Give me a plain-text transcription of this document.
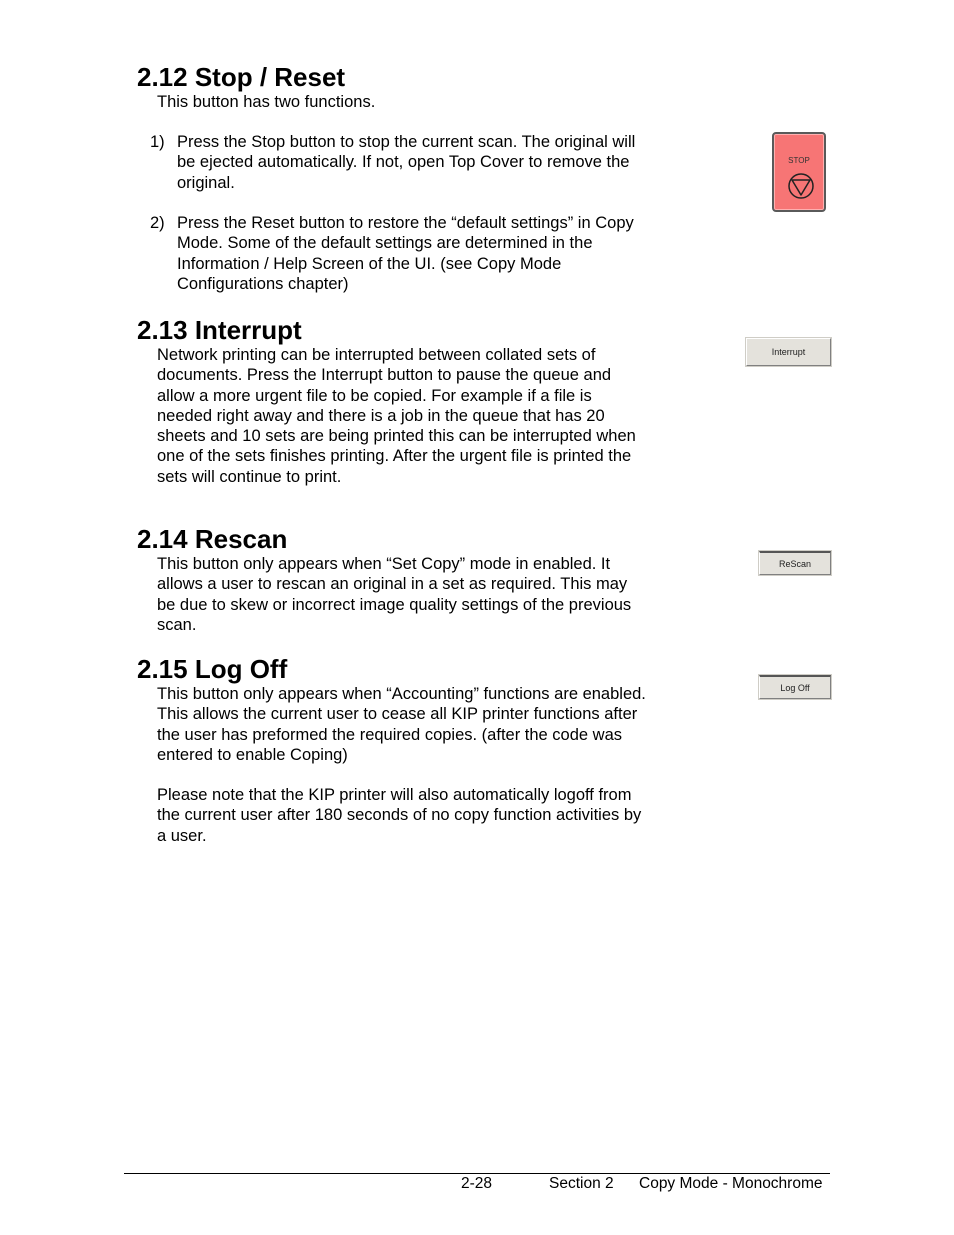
2.12 Stop / Reset

This button has two functions.

1) Press the Stop button to stop the current scan. The original will be ejected automatically. If not, open Top Cover to remove the original.
2) Press the Reset button to restore the “default settings” in Copy Mode. Some of the default settings are determined in the Information / Help Screen of the UI. (see Copy Mode Configurations chapter)
STOP
2.13 Interrupt

Network printing can be interrupted between collated sets of documents. Press the Interrupt button to pause the queue and allow a more urgent file to be copied. For example if a file is needed right away and there is a job in the queue that has 20 sheets and 10 sets are being printed this can be interrupted when one of the sets finishes printing. After the urgent file is printed the sets will continue to print.

Interrupt
2.14 Rescan

This button only appears when “Set Copy” mode in enabled. It allows a user to rescan an original in a set as required. This may be due to skew or incorrect image quality settings of the previous scan.

ReScan
2.15 Log Off

This button only appears when “Accounting” functions are enabled. This allows the current user to cease all KIP printer functions after the user has preformed the required copies. (after the code was entered to enable Coping)

Please note that the KIP printer will also automatically logoff from the current user after 180 seconds of no copy function activities by a user.

Log Off
2-28	Section 2 Copy Mode - Monochrome
